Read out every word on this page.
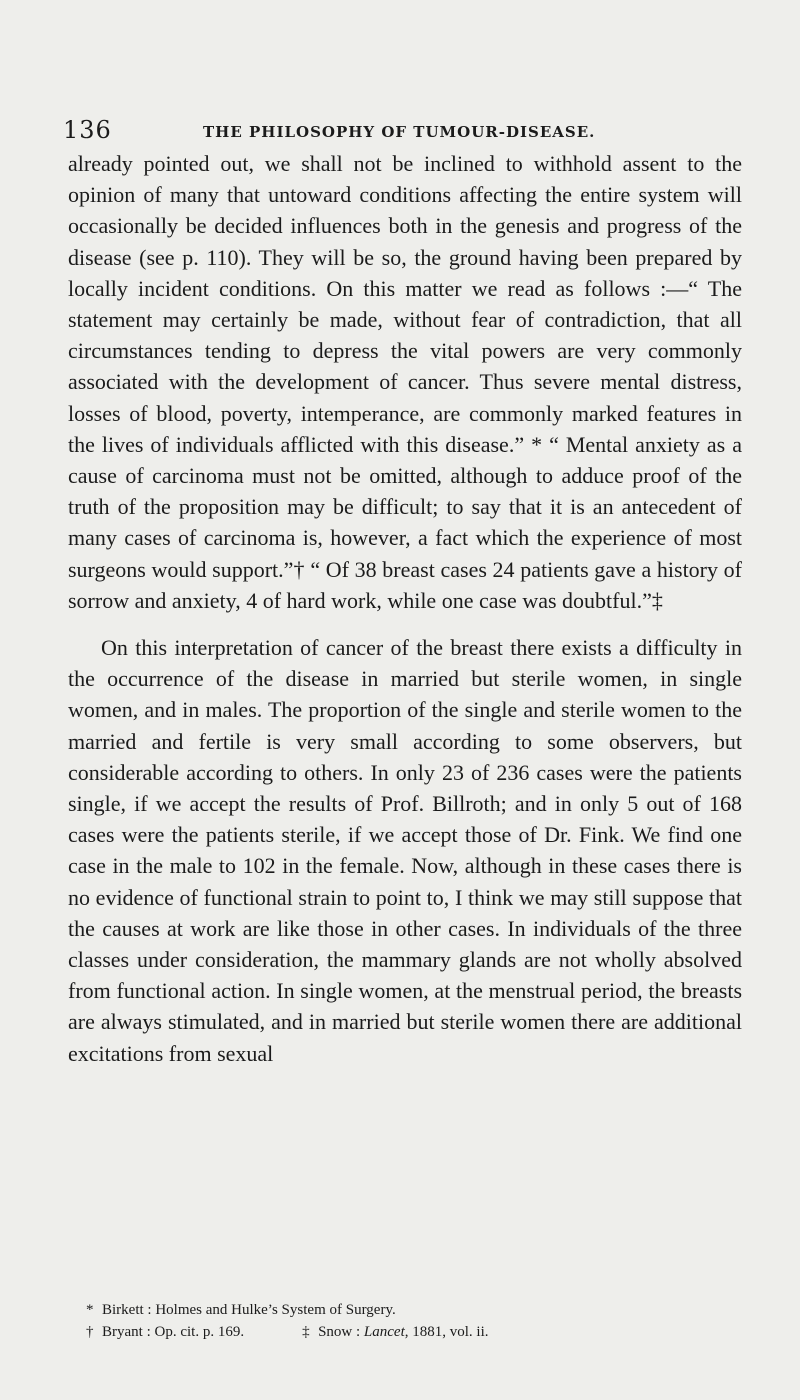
136	THE PHILOSOPHY OF TUMOUR-DISEASE.

already pointed out, we shall not be inclined to withhold assent to the opinion of many that untoward conditions affecting the entire system will occasionally be decided influences both in the genesis and progress of the disease (see p. 110). They will be so, the ground having been prepared by locally incident conditions. On this matter we read as follows :—“ The statement may certainly be made, without fear of contradiction, that all circumstances tending to depress the vital powers are very commonly associated with the development of cancer. Thus severe mental distress, losses of blood, poverty, intemperance, are commonly marked features in the lives of individuals afflicted with this disease.” * “ Mental anxiety as a cause of carcinoma must not be omitted, although to adduce proof of the truth of the proposition may be difficult; to say that it is an antecedent of many cases of carcinoma is, however, a fact which the experience of most surgeons would support.”† “ Of 38 breast cases 24 patients gave a history of sorrow and anxiety, 4 of hard work, while one case was doubtful.”‡

On this interpretation of cancer of the breast there exists a difficulty in the occurrence of the disease in married but sterile women, in single women, and in males. The proportion of the single and sterile women to the married and fertile is very small according to some observers, but considerable according to others. In only 23 of 236 cases were the patients single, if we accept the results of Prof. Billroth; and in only 5 out of 168 cases were the patients sterile, if we accept those of Dr. Fink. We find one case in the male to 102 in the female. Now, although in these cases there is no evidence of functional strain to point to, I think we may still suppose that the causes at work are like those in other cases. In individuals of the three classes under consideration, the mammary glands are not wholly absolved from functional action. In single women, at the menstrual period, the breasts are always stimulated, and in married but sterile women there are additional excitations from sexual

* Birkett : Holmes and Hulke’s System of Surgery.
† Bryant : Op. cit. p. 169.	‡ Snow : Lancet, 1881, vol. ii.
